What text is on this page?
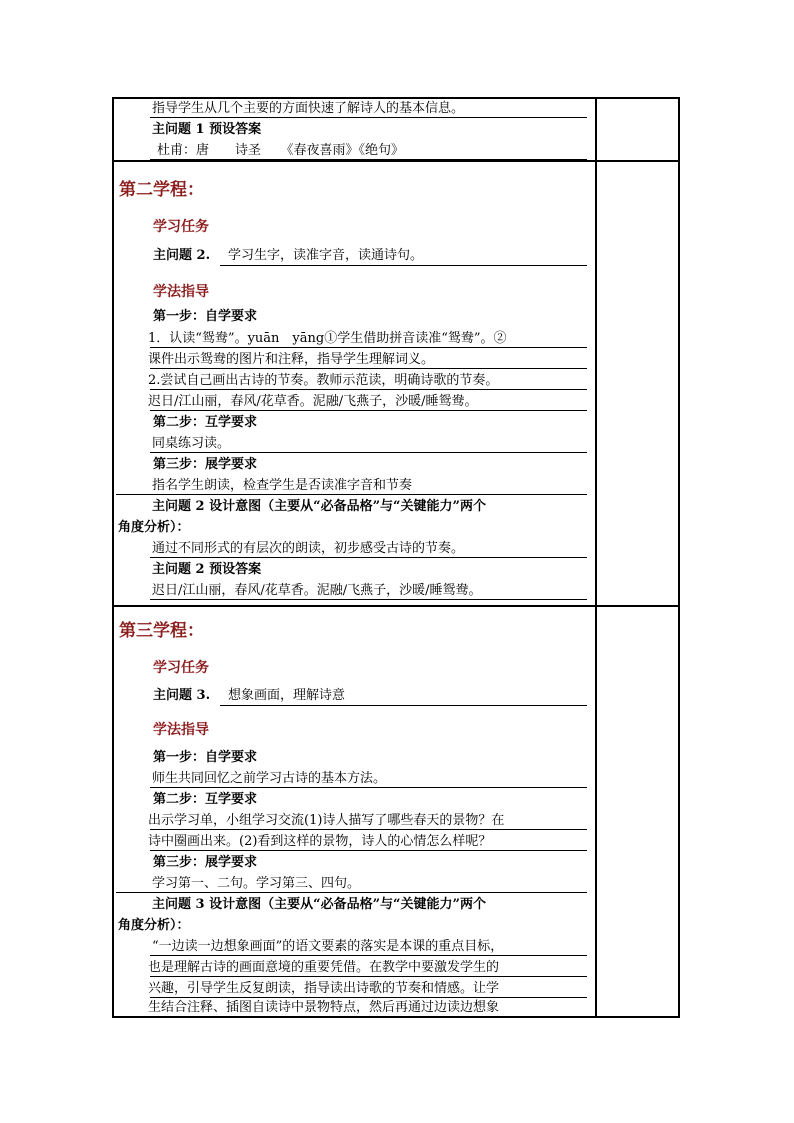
指导学生从几个主要的方面快速了解诗人的基本信息。
主问题 1 预设答案
杜甫：唐　　诗圣　　《春夜喜雨》《绝句》
第二学程：
学习任务
主问题 2. 学习生字，读准字音，读通诗句。
学法指导
第一步：自学要求
1．认读“鸳鸯”。yuān　yāng①学生借助拼音读准“鸳鸯”。②
课件出示鸳鸯的图片和注释，指导学生理解词义。
2.尝试自己画出古诗的节奏。教师示范读，明确诗歌的节奏。
迟日/江山丽，春风/花草香。泥融/飞燕子，沙暖/睡鸳鸯。
第二步：互学要求
同桌练习读。
第三步：展学要求
指名学生朗读，检查学生是否读准字音和节奏
主问题 2 设计意图（主要从“必备品格”与“关键能力”两个
角度分析）：
通过不同形式的有层次的朗读，初步感受古诗的节奏。
主问题 2 预设答案
迟日/江山丽，春风/花草香。泥融/飞燕子，沙暖/睡鸳鸯。
第三学程：
学习任务
主问题 3. 想象画面，理解诗意
学法指导
第一步：自学要求
师生共同回忆之前学习古诗的基本方法。
第二步：互学要求
出示学习单，小组学习交流(1)诗人描写了哪些春天的景物？在
诗中圈画出来。(2)看到这样的景物，诗人的心情怎么样呢？
第三步：展学要求
学习第一、二句。学习第三、四句。
主问题 3 设计意图（主要从“必备品格”与“关键能力”两个
角度分析）：
“一边读一边想象画面”的语文要素的落实是本课的重点目标，
也是理解古诗的画面意境的重要凭借。在教学中要激发学生的
兴趣，引导学生反复朗读，指导读出诗歌的节奏和情感。让学
生结合注释、插图自读诗中景物特点，然后再通过边读边想象
